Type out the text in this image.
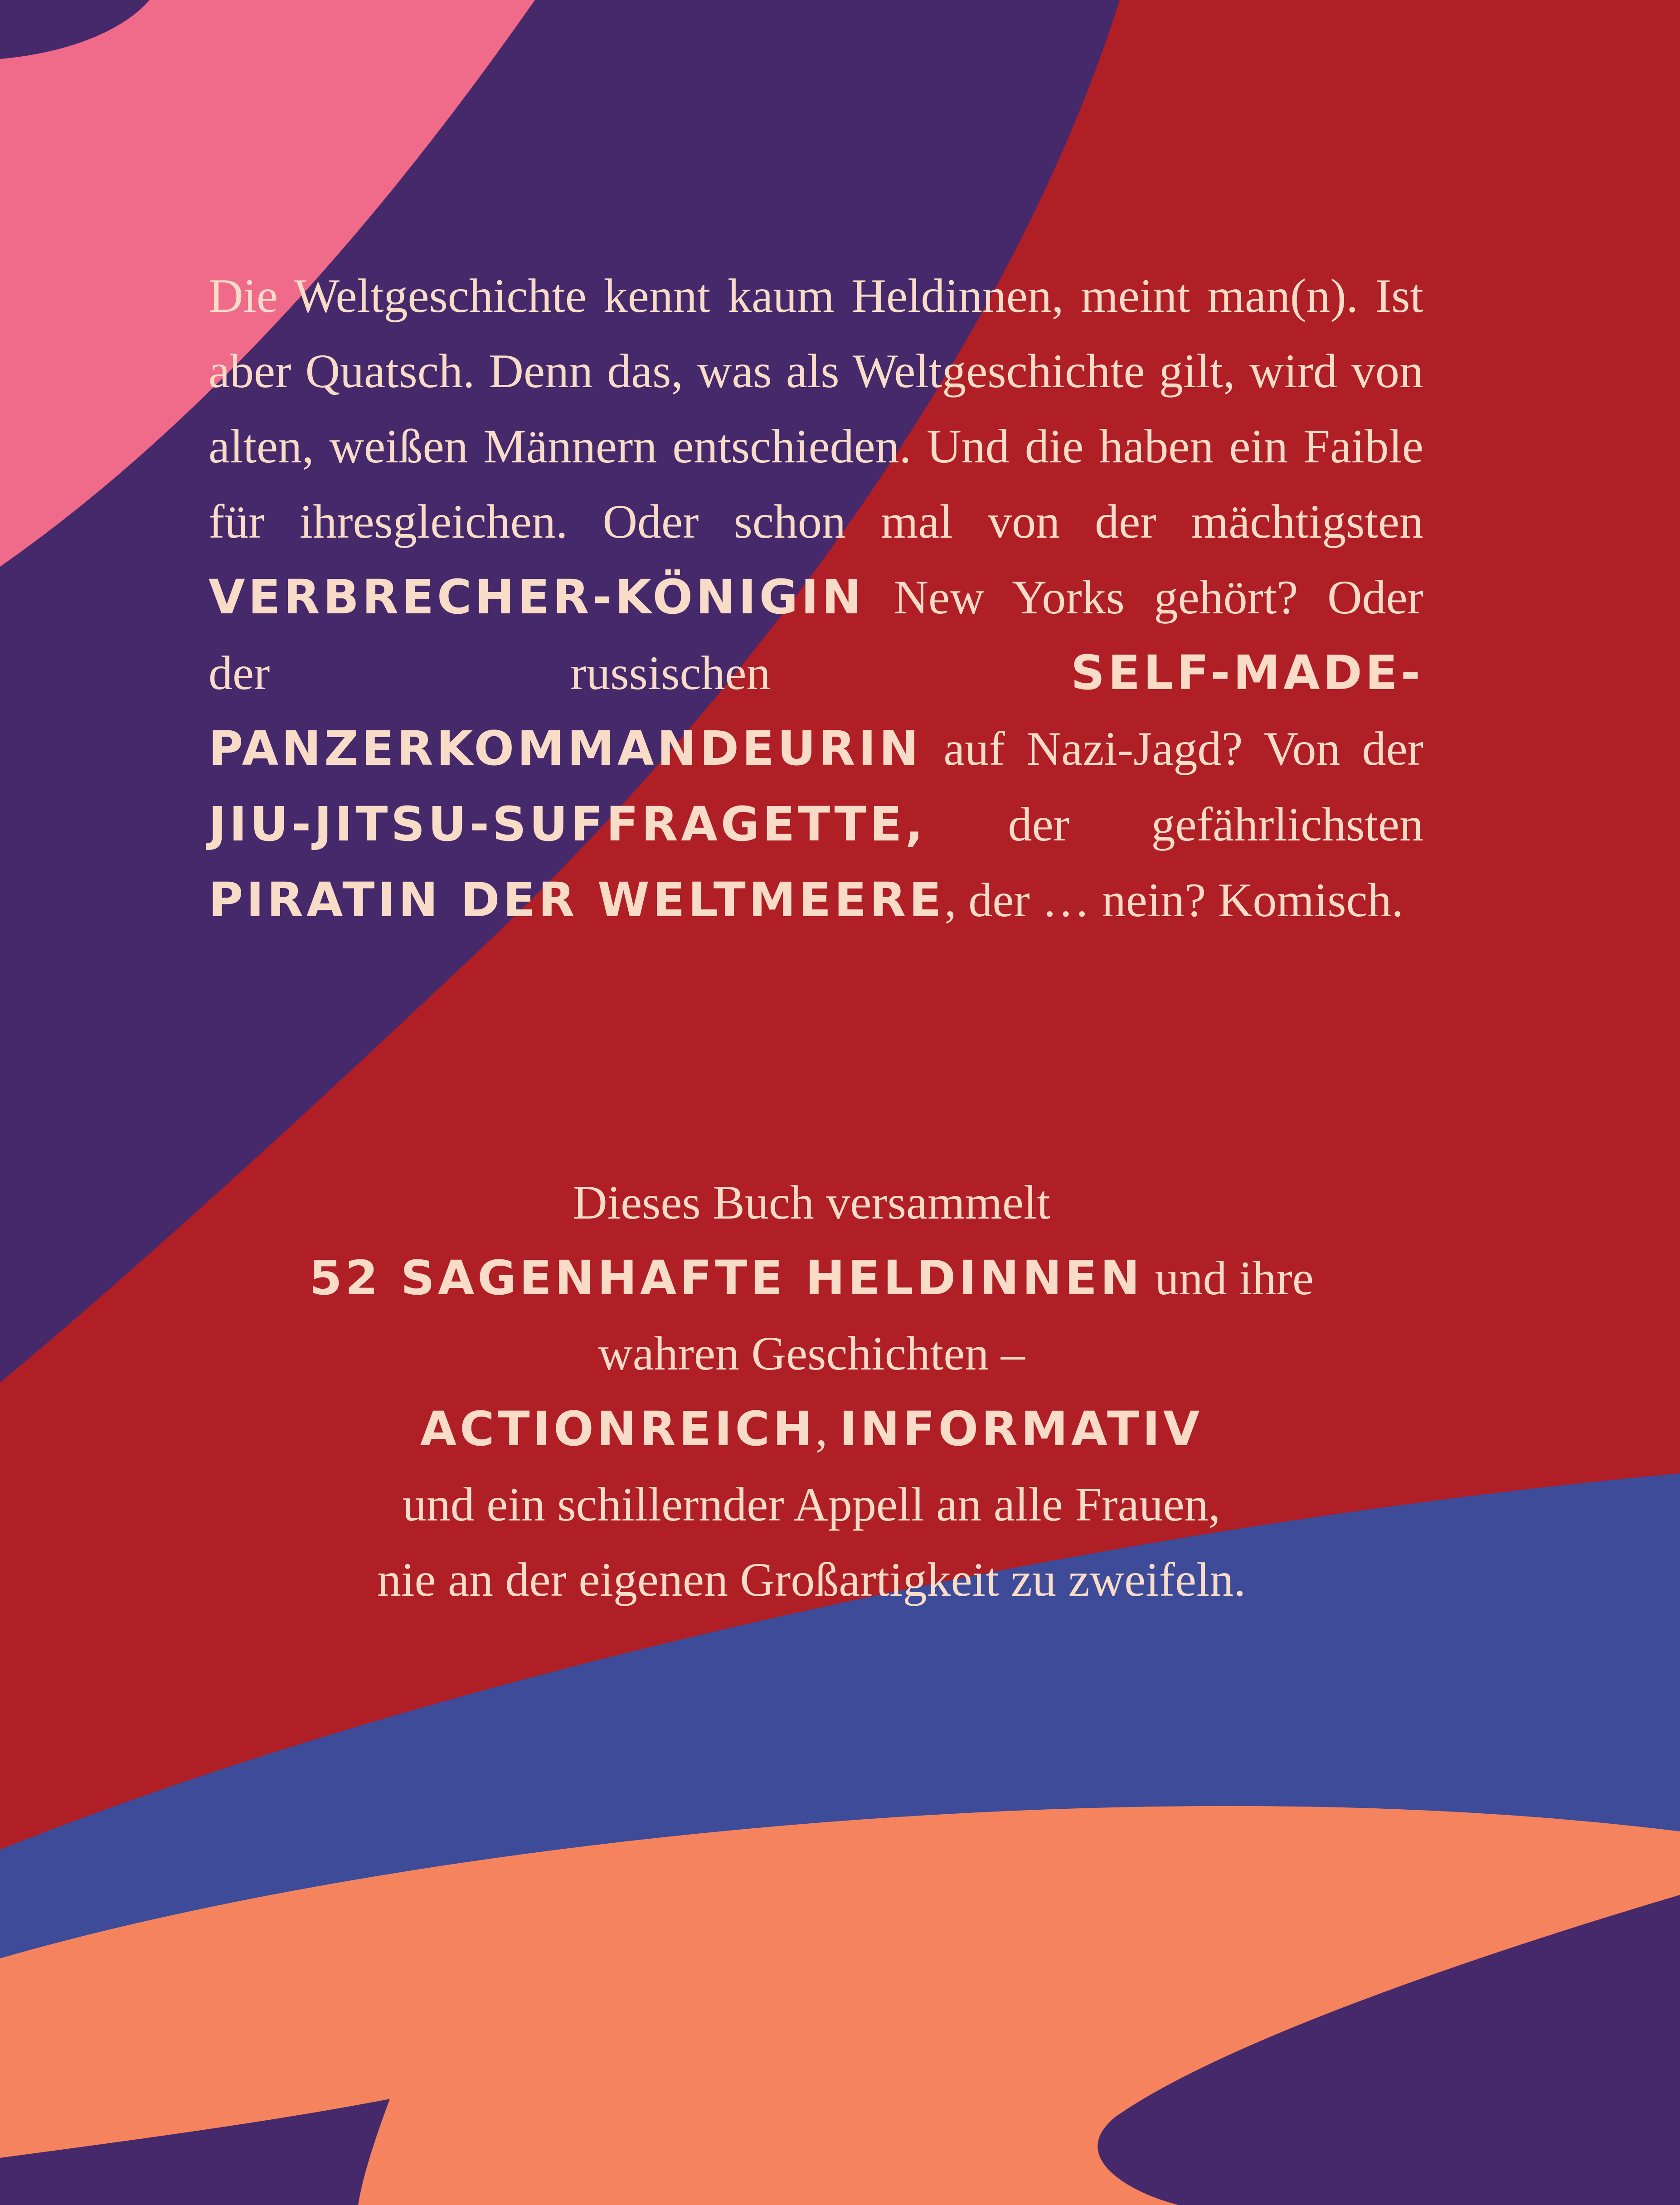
Die Weltgeschichte kennt kaum Heldinnen, meint man(n). Ist aber Quatsch. Denn das, was als Weltgeschichte gilt, wird von alten, weißen Männern entschieden. Und die haben ein Faible für ihresgleichen. Oder schon mal von der mächtigsten VERBRECHER-KÖNIGIN New Yorks gehört? Oder der russischen SELF-MADE-PANZERKOMMANDEURIN auf Nazi-Jagd? Von der JIU-JITSU-SUFFRAGETTE, der gefährlichsten PIRATIN DER WELTMEERE, der … nein? Komisch.
Dieses Buch versammelt
52 SAGENHAFTE HELDINNEN und ihre
wahren Geschichten –
ACTIONREICH, INFORMATIV
und ein schillernder Appell an alle Frauen,
nie an der eigenen Großartigkeit zu zweifeln.
